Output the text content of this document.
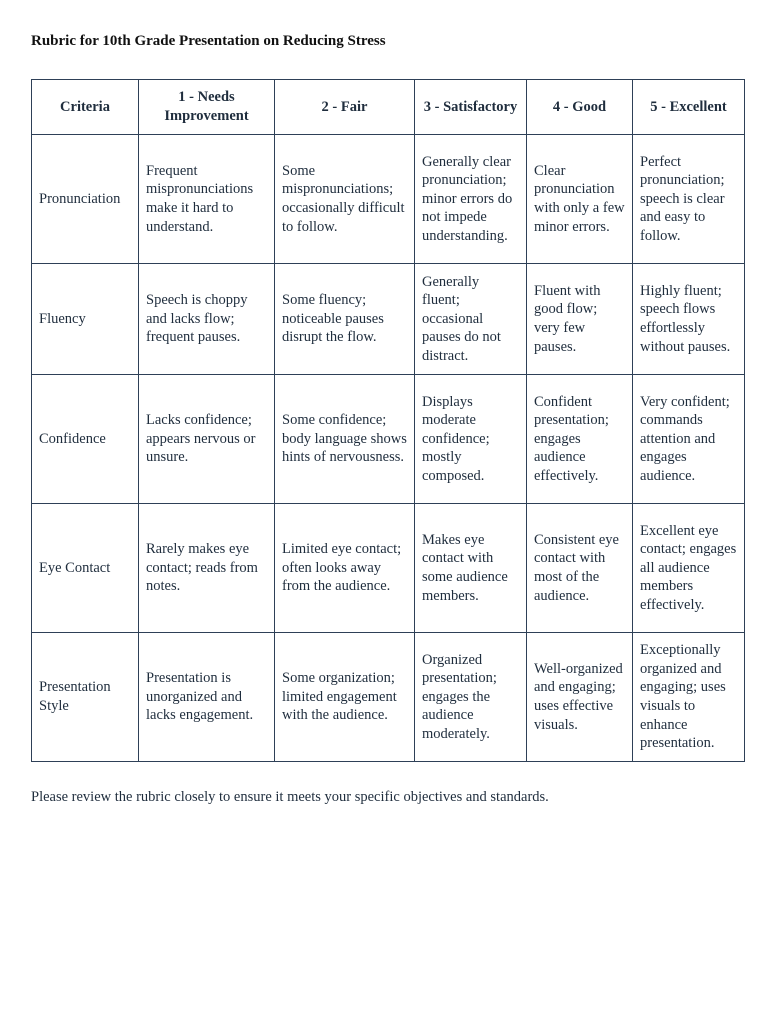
Rubric for 10th Grade Presentation on Reducing Stress
Criteria	1 - Needs Improvement	2 - Fair	3 - Satisfactory	4 - Good	5 - Excellent
Pronunciation	Frequent mispronunciations make it hard to understand.	Some mispronunciations; occasionally difficult to follow.	Generally clear pronunciation; minor errors do not impede understanding.	Clear pronunciation with only a few minor errors.	Perfect pronunciation; speech is clear and easy to follow.
Fluency	Speech is choppy and lacks flow; frequent pauses.	Some fluency; noticeable pauses disrupt the flow.	Generally fluent; occasional pauses do not distract.	Fluent with good flow; very few pauses.	Highly fluent; speech flows effortlessly without pauses.
Confidence	Lacks confidence; appears nervous or unsure.	Some confidence; body language shows hints of nervousness.	Displays moderate confidence; mostly composed.	Confident presentation; engages audience effectively.	Very confident; commands attention and engages audience.
Eye Contact	Rarely makes eye contact; reads from notes.	Limited eye contact; often looks away from the audience.	Makes eye contact with some audience members.	Consistent eye contact with most of the audience.	Excellent eye contact; engages all audience members effectively.
Presentation Style	Presentation is unorganized and lacks engagement.	Some organization; limited engagement with the audience.	Organized presentation; engages the audience moderately.	Well-organized and engaging; uses effective visuals.	Exceptionally organized and engaging; uses visuals to enhance presentation.

Please review the rubric closely to ensure it meets your specific objectives and standards.
